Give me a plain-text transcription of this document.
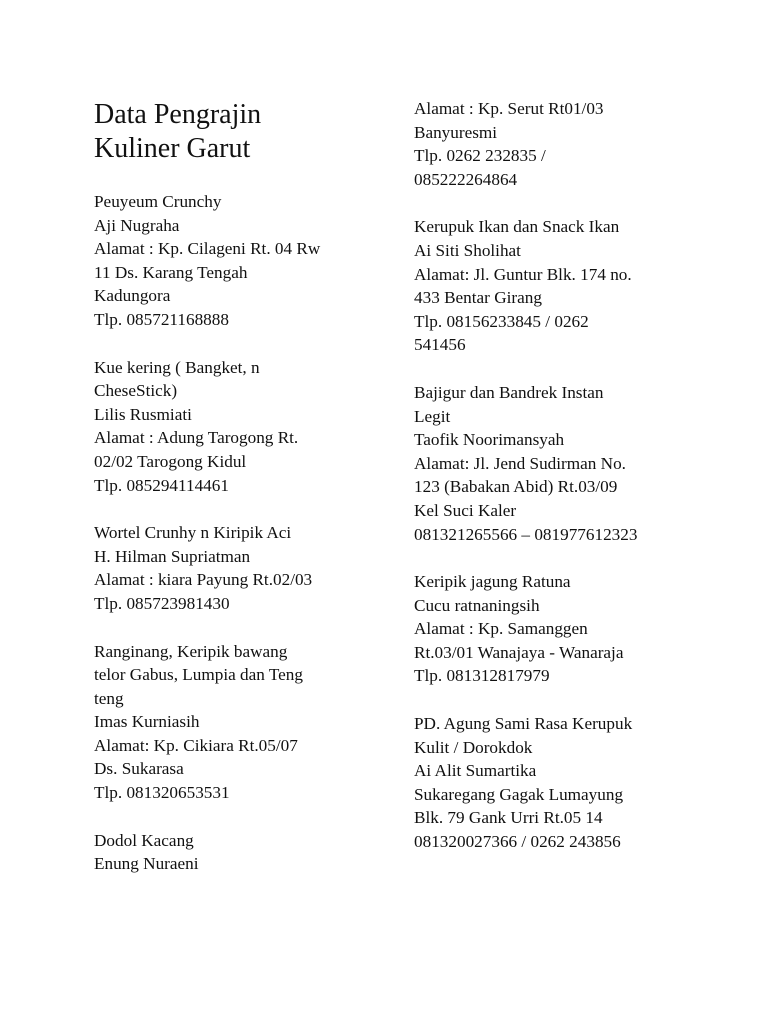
Data Pengrajin
Kuliner Garut
Peuyeum Crunchy
Aji Nugraha
Alamat : Kp. Cilageni Rt. 04 Rw
11 Ds. Karang Tengah
Kadungora
Tlp. 085721168888
Kue kering ( Bangket, n
CheseStick)
Lilis Rusmiati
Alamat : Adung Tarogong Rt.
02/02 Tarogong Kidul
Tlp. 085294114461
Wortel Crunhy n Kiripik Aci
H. Hilman Supriatman
Alamat : kiara Payung Rt.02/03
Tlp. 085723981430
Ranginang, Keripik bawang
telor Gabus, Lumpia dan Teng
teng
Imas Kurniasih
Alamat: Kp. Cikiara Rt.05/07
Ds. Sukarasa
Tlp. 081320653531
Dodol Kacang
Enung Nuraeni
Alamat : Kp. Serut Rt01/03
Banyuresmi
Tlp. 0262 232835 /
085222264864
Kerupuk Ikan dan Snack Ikan
Ai Siti Sholihat
Alamat: Jl. Guntur Blk. 174 no.
433 Bentar Girang
Tlp. 08156233845 / 0262
541456
Bajigur dan Bandrek Instan
Legit
Taofik Noorimansyah
Alamat: Jl. Jend Sudirman No.
123 (Babakan Abid) Rt.03/09
Kel Suci Kaler
081321265566 – 081977612323
Keripik jagung Ratuna
Cucu ratnaningsih
Alamat : Kp. Samanggen
Rt.03/01 Wanajaya - Wanaraja
Tlp. 081312817979
PD. Agung Sami Rasa Kerupuk
Kulit / Dorokdok
Ai Alit Sumartika
Sukaregang Gagak Lumayung
Blk. 79 Gank Urri Rt.05 14
081320027366 / 0262 243856
